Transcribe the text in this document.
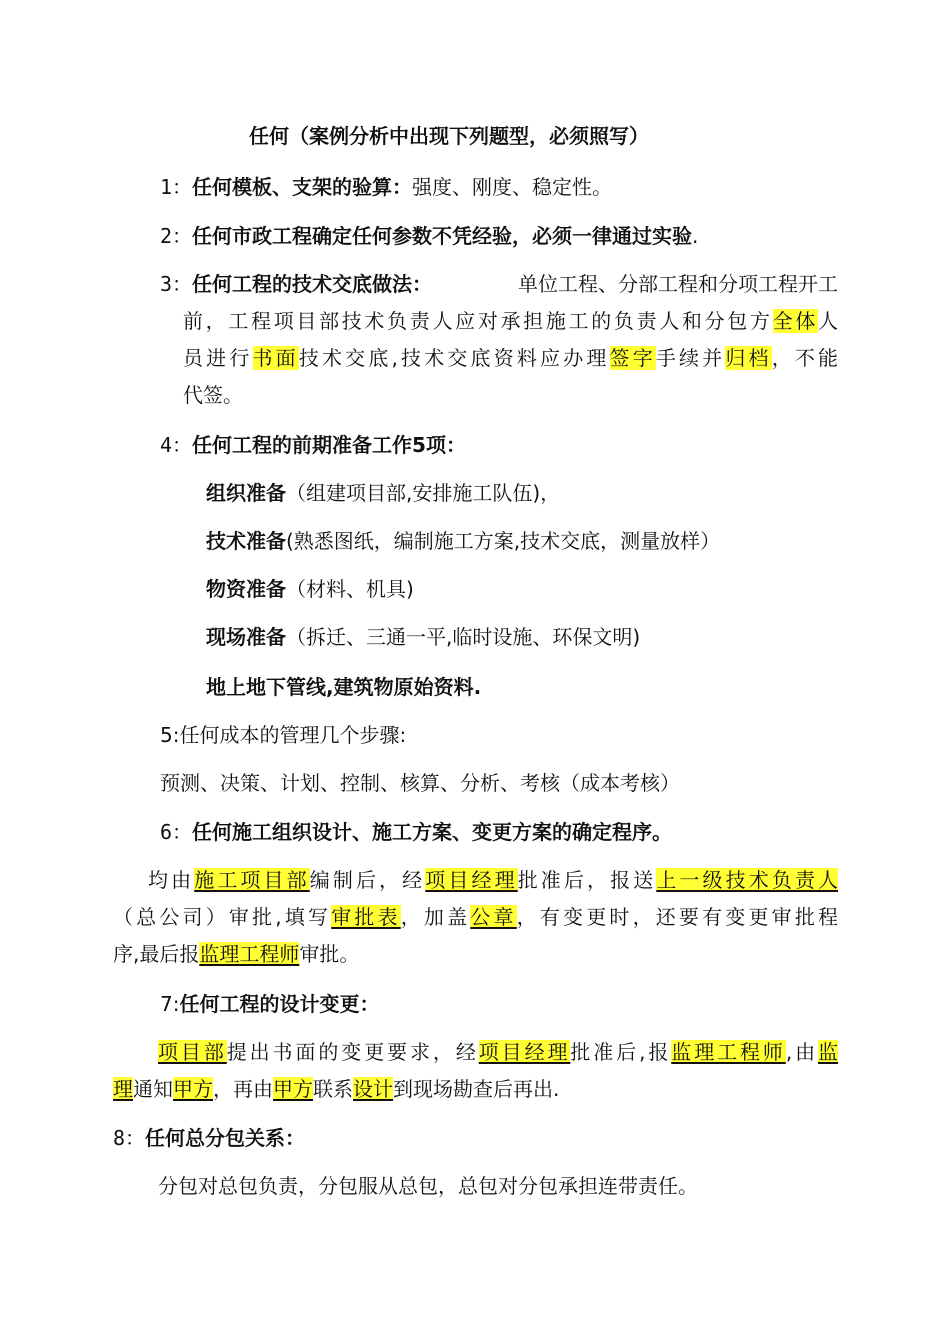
任何（案例分析中出现下列题型，必须照写）
1：任何模板、支架的验算：强度、刚度、稳定性。
2：任何市政工程确定任何参数不凭经验，必须一律通过实验.
3：任何工程的技术交底做法：	单位工程、分部工程和分项工程开工
前，工程项目部技术负责人应对承担施工的负责人和分包方全体人
员进行书面技术交底,技术交底资料应办理签字手续并归档，不能
代签。
4：任何工程的前期准备工作5项：
组织准备（组建项目部,安排施工队伍)，
技术准备(熟悉图纸，编制施工方案,技术交底，测量放样）
物资准备（材料、机具)
现场准备（拆迁、三通一平,临时设施、环保文明)
地上地下管线,建筑物原始资料.
5:任何成本的管理几个步骤:
预测、决策、计划、控制、核算、分析、考核（成本考核）
6：任何施工组织设计、施工方案、变更方案的确定程序。
均由施工项目部编制后，经项目经理批准后，报送上一级技术负责人
（总公司）审批,填写审批表，加盖公章，有变更时，还要有变更审批程
序,最后报监理工程师审批。
7:任何工程的设计变更：
项目部提出书面的变更要求，经项目经理批准后,报监理工程师,由监
理通知甲方，再由甲方联系设计到现场勘查后再出.
8：任何总分包关系：
分包对总包负责，分包服从总包，总包对分包承担连带责任。
